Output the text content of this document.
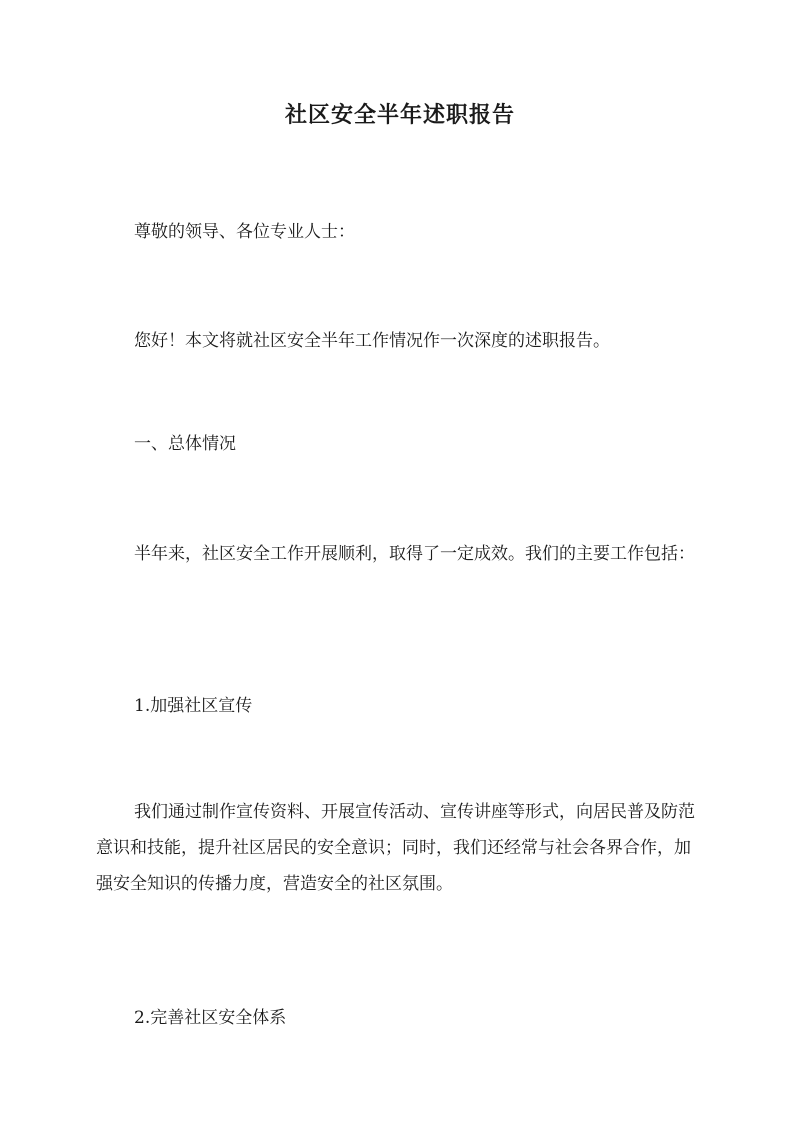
社区安全半年述职报告

尊敬的领导、各位专业人士：

您好！本文将就社区安全半年工作情况作一次深度的述职报告。

一、总体情况

半年来，社区安全工作开展顺利，取得了一定成效。我们的主要工作包括：

1.加强社区宣传

我们通过制作宣传资料、开展宣传活动、宣传讲座等形式，向居民普及防范意识和技能，提升社区居民的安全意识；同时，我们还经常与社会各界合作，加强安全知识的传播力度，营造安全的社区氛围。

2.完善社区安全体系
